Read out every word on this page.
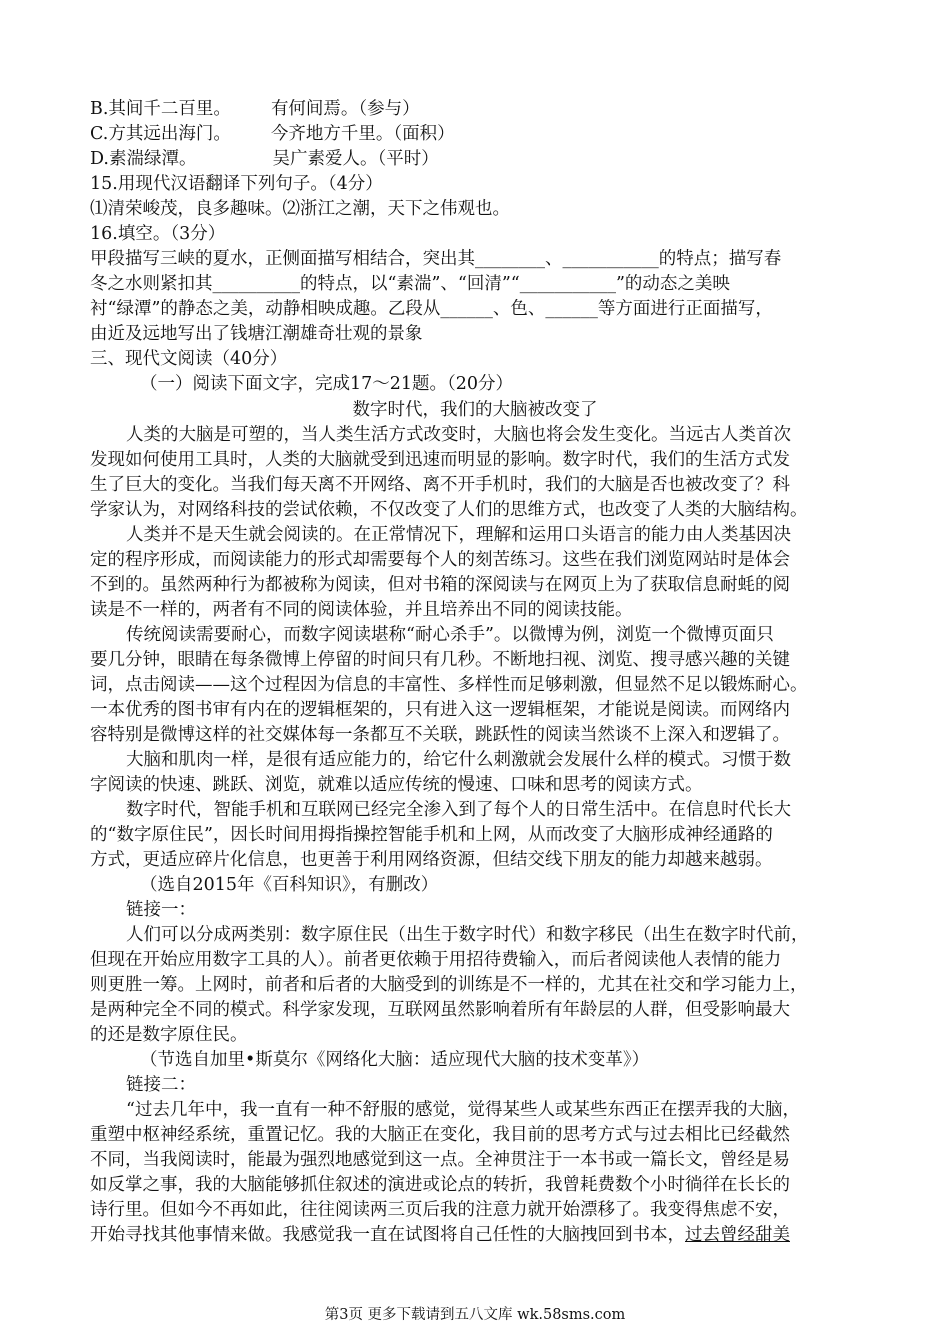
B.其间千二百里。 有何间焉。（参与）
C.方其远出海门。 今齐地方千里。（面积）
D.素湍绿潭。	吴广素爱人。（平时）
15.用现代汉语翻译下列句子。（4分）
⑴清荣峻茂，良多趣味。⑵浙江之潮，天下之伟观也。
16.填空。（3分）
甲段描写三峡的夏水，正侧面描写相结合，突出其________、___________的特点；描写春
冬之水则紧扣其__________的特点，以“素湍”、“回清”“___________”的动态之美映
衬“绿潭”的静态之美，动静相映成趣。乙段从______、色、______等方面进行正面描写，
由近及远地写出了钱塘江潮雄奇壮观的景象
三、现代文阅读（40分）
（一）阅读下面文字，完成17～21题。（20分）
数字时代，我们的大脑被改变了
人类的大脑是可塑的，当人类生活方式改变时，大脑也将会发生变化。当远古人类首次
发现如何使用工具时，人类的大脑就受到迅速而明显的影响。数字时代，我们的生活方式发
生了巨大的变化。当我们每天离不开网络、离不开手机时，我们的大脑是否也被改变了？科
学家认为，对网络科技的尝试依赖，不仅改变了人们的思维方式，也改变了人类的大脑结构。
人类并不是天生就会阅读的。在正常情况下，理解和运用口头语言的能力由人类基因决
定的程序形成，而阅读能力的形式却需要每个人的刻苦练习。这些在我们浏览网站时是体会
不到的。虽然两种行为都被称为阅读，但对书箱的深阅读与在网页上为了获取信息耐蚝的阅
读是不一样的，两者有不同的阅读体验，并且培养出不同的阅读技能。
传统阅读需要耐心，而数字阅读堪称“耐心杀手”。以微博为例，浏览一个微博页面只
要几分钟，眼睛在每条微博上停留的时间只有几秒。不断地扫视、浏览、搜寻感兴趣的关键
词，点击阅读——这个过程因为信息的丰富性、多样性而足够刺激，但显然不足以锻炼耐心。
一本优秀的图书审有内在的逻辑框架的，只有进入这一逻辑框架，才能说是阅读。而网络内
容特别是微博这样的社交媒体每一条都互不关联，跳跃性的阅读当然谈不上深入和逻辑了。
大脑和肌肉一样，是很有适应能力的，给它什么刺激就会发展什么样的模式。习惯于数
字阅读的快速、跳跃、浏览，就难以适应传统的慢速、口味和思考的阅读方式。
数字时代，智能手机和互联网已经完全渗入到了每个人的日常生活中。在信息时代长大
的“数字原住民”，因长时间用拇指操控智能手机和上网，从而改变了大脑形成神经通路的
方式，更适应碎片化信息，也更善于利用网络资源，但结交线下朋友的能力却越来越弱。
（选自2015年《百科知识》，有删改）
链接一：
人们可以分成两类别：数字原住民（出生于数字时代）和数字移民（出生在数字时代前，
但现在开始应用数字工具的人）。前者更依赖于用招待费输入，而后者阅读他人表情的能力
则更胜一筹。上网时，前者和后者的大脑受到的训练是不一样的，尤其在社交和学习能力上，
是两种完全不同的模式。科学家发现，互联网虽然影响着所有年龄层的人群，但受影响最大
的还是数字原住民。
（节选自加里•斯莫尔《网络化大脑：适应现代大脑的技术变革》）
链接二：
“过去几年中，我一直有一种不舒服的感觉，觉得某些人或某些东西正在摆弄我的大脑，
重塑中枢神经系统，重置记忆。我的大脑正在变化，我目前的思考方式与过去相比已经截然
不同，当我阅读时，能最为强烈地感觉到这一点。全神贯注于一本书或一篇长文，曾经是易
如反掌之事，我的大脑能够抓住叙述的演进或论点的转折，我曾耗费数个小时徜徉在长长的
诗行里。但如今不再如此，往往阅读两三页后我的注意力就开始漂移了。我变得焦虑不安，
开始寻找其他事情来做。我感觉我一直在试图将自己任性的大脑拽回到书本，过去曾经甜美
第3页 更多下载请到五八文库 wk.58sms.com
